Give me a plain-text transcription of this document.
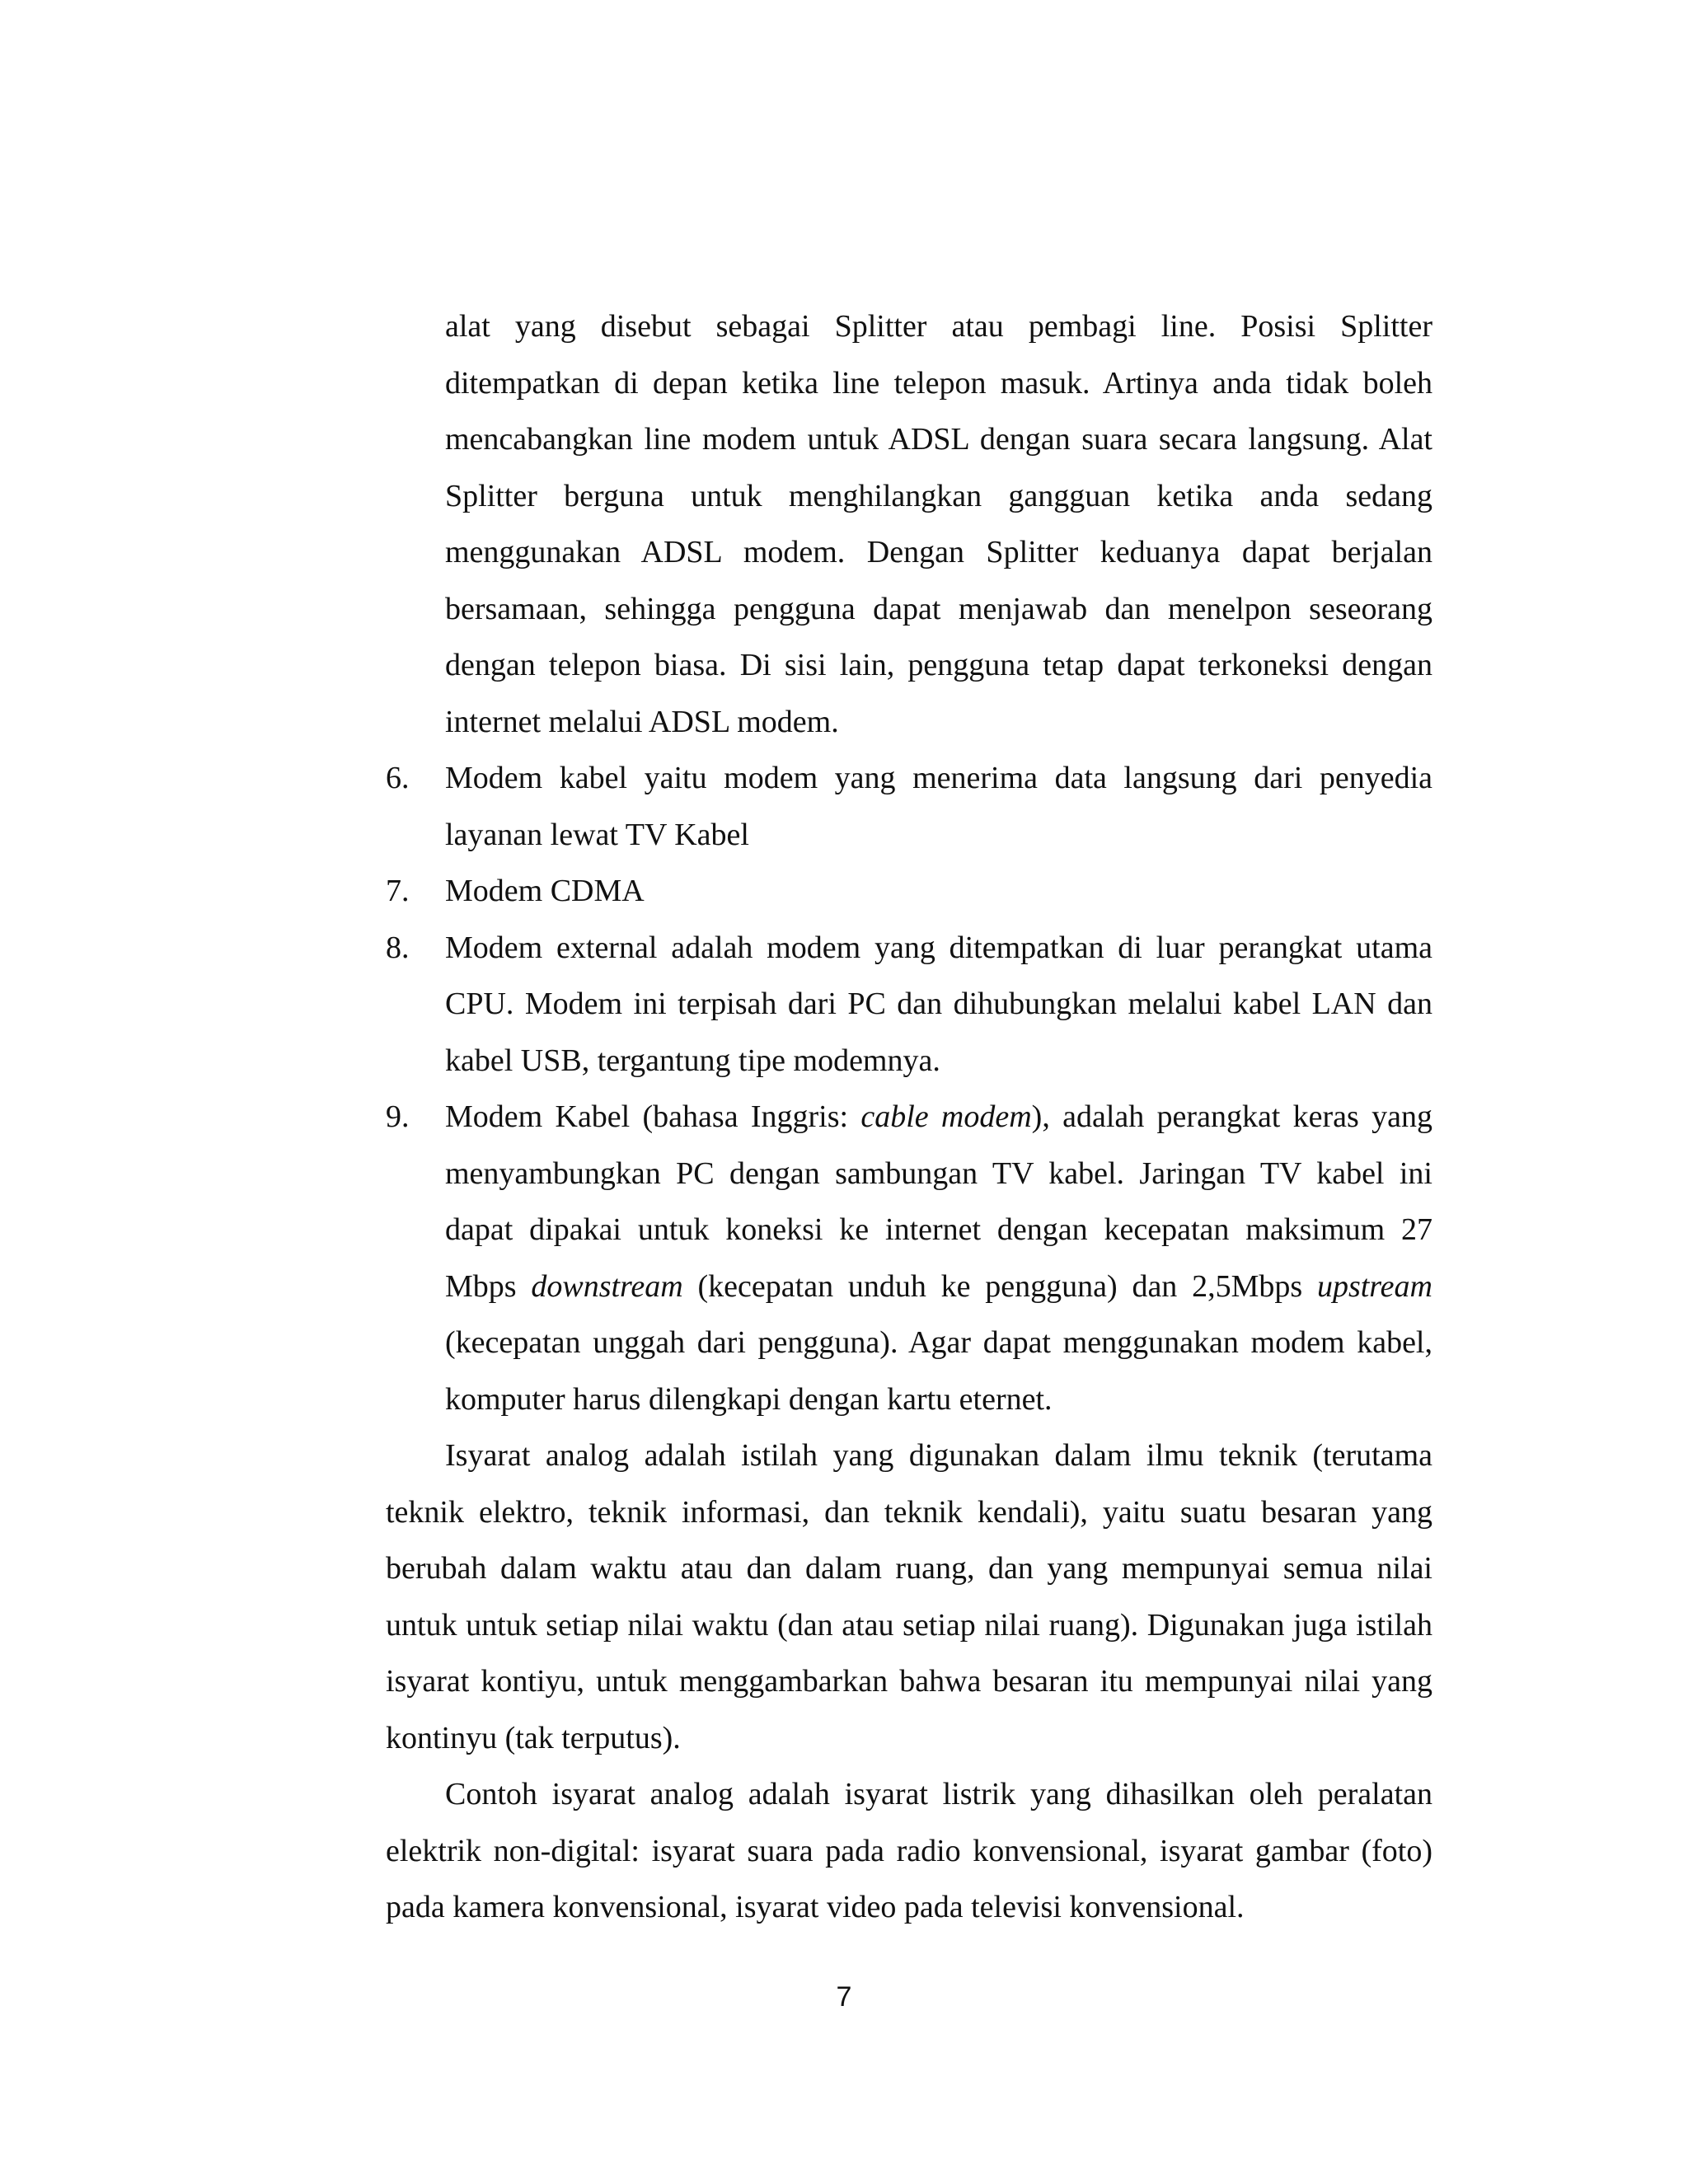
alat yang disebut sebagai Splitter atau pembagi line. Posisi Splitter ditempatkan di depan ketika line telepon masuk. Artinya anda tidak boleh mencabangkan line modem untuk ADSL dengan suara secara langsung. Alat Splitter berguna untuk menghilangkan gangguan ketika anda sedang menggunakan ADSL modem. Dengan Splitter keduanya dapat berjalan bersamaan, sehingga pengguna dapat menjawab dan menelpon seseorang dengan telepon biasa. Di sisi lain, pengguna tetap dapat terkoneksi dengan internet melalui ADSL modem.

6. Modem kabel yaitu modem yang menerima data langsung dari penyedia layanan lewat TV Kabel
7. Modem CDMA
8. Modem external adalah modem yang ditempatkan di luar perangkat utama CPU. Modem ini terpisah dari PC dan dihubungkan melalui kabel LAN dan kabel USB, tergantung tipe modemnya.
9. Modem Kabel (bahasa Inggris: cable modem), adalah perangkat keras yang menyambungkan PC dengan sambungan TV kabel. Jaringan TV kabel ini dapat dipakai untuk koneksi ke internet dengan kecepatan maksimum 27 Mbps downstream (kecepatan unduh ke pengguna) dan 2,5Mbps upstream (kecepatan unggah dari pengguna). Agar dapat menggunakan modem kabel, komputer harus dilengkapi dengan kartu eternet.

Isyarat analog adalah istilah yang digunakan dalam ilmu teknik (terutama teknik elektro, teknik informasi, dan teknik kendali), yaitu suatu besaran yang berubah dalam waktu atau dan dalam ruang, dan yang mempunyai semua nilai untuk untuk setiap nilai waktu (dan atau setiap nilai ruang). Digunakan juga istilah isyarat kontiyu, untuk menggambarkan bahwa besaran itu mempunyai nilai yang kontinyu (tak terputus).

Contoh isyarat analog adalah isyarat listrik yang dihasilkan oleh peralatan elektrik non-digital: isyarat suara pada radio konvensional, isyarat gambar (foto) pada kamera konvensional, isyarat video pada televisi konvensional.

7
